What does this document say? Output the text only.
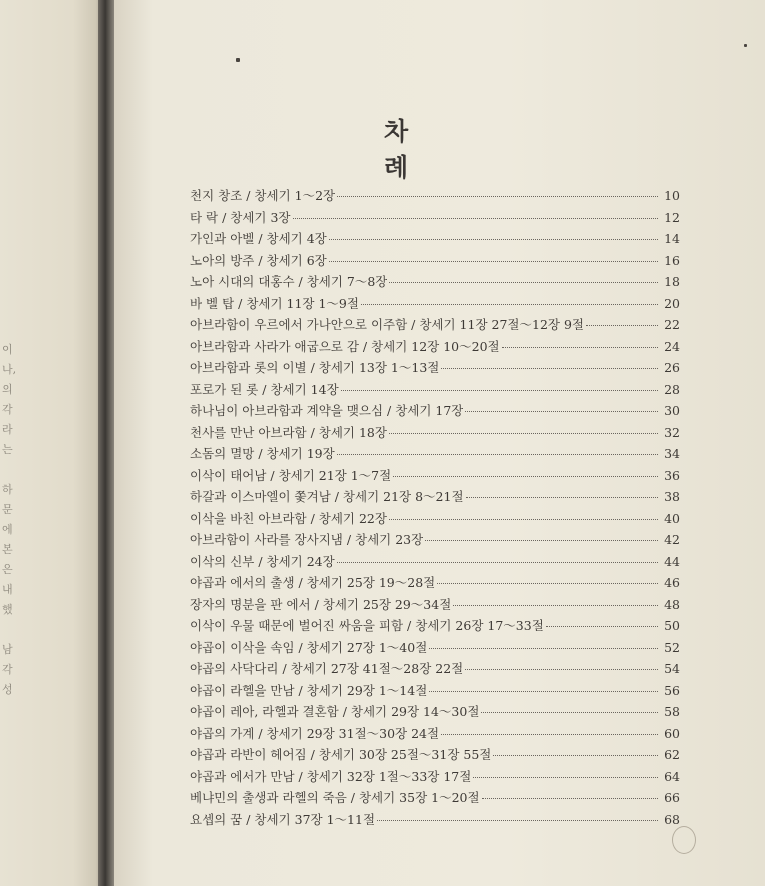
이
나,
의
각
라
는
하
문
에
본
은
내
했
남
각
성
차 례
천지 창조 / 창세기 1～2장	10
타 락 / 창세기 3장	12
가인과 아벨 / 창세기 4장	14
노아의 방주 / 창세기 6장	16
노아 시대의 대홍수 / 창세기 7～8장	18
바 벨 탑 / 창세기 11장 1～9절	20
아브라함이 우르에서 가나안으로 이주함 / 창세기 11장 27절～12장 9절	22
아브라함과 사라가 애굽으로 감 / 창세기 12장 10～20절	24
아브라함과 롯의 이별 / 창세기 13장 1～13절	26
포로가 된 롯 / 창세기 14장	28
하나님이 아브라함과 계약을 맺으심 / 창세기 17장	30
천사를 만난 아브라함 / 창세기 18장	32
소돔의 멸망 / 창세기 19장	34
이삭이 태어남 / 창세기 21장 1～7절	36
하갈과 이스마엘이 쫓겨남 / 창세기 21장 8～21절	38
이삭을 바친 아브라함 / 창세기 22장	40
아브라함이 사라를 장사지냄 / 창세기 23장	42
이삭의 신부 / 창세기 24장	44
야곱과 에서의 출생 / 창세기 25장 19～28절	46
장자의 명분을 판 에서 / 창세기 25장 29～34절	48
이삭이 우물 때문에 벌어진 싸움을 피함 / 창세기 26장 17～33절	50
야곱이 이삭을 속임 / 창세기 27장 1～40절	52
야곱의 사닥다리 / 창세기 27장 41절～28장 22절	54
야곱이 라헬을 만남 / 창세기 29장 1～14절	56
야곱이 레아, 라헬과 결혼함 / 창세기 29장 14～30절	58
야곱의 가계 / 창세기 29장 31절～30장 24절	60
야곱과 라반이 헤어짐 / 창세기 30장 25절～31장 55절	62
야곱과 에서가 만남 / 창세기 32장 1절～33장 17절	64
베냐민의 출생과 라헬의 죽음 / 창세기 35장 1～20절	66
요셉의 꿈 / 창세기 37장 1～11절	68
